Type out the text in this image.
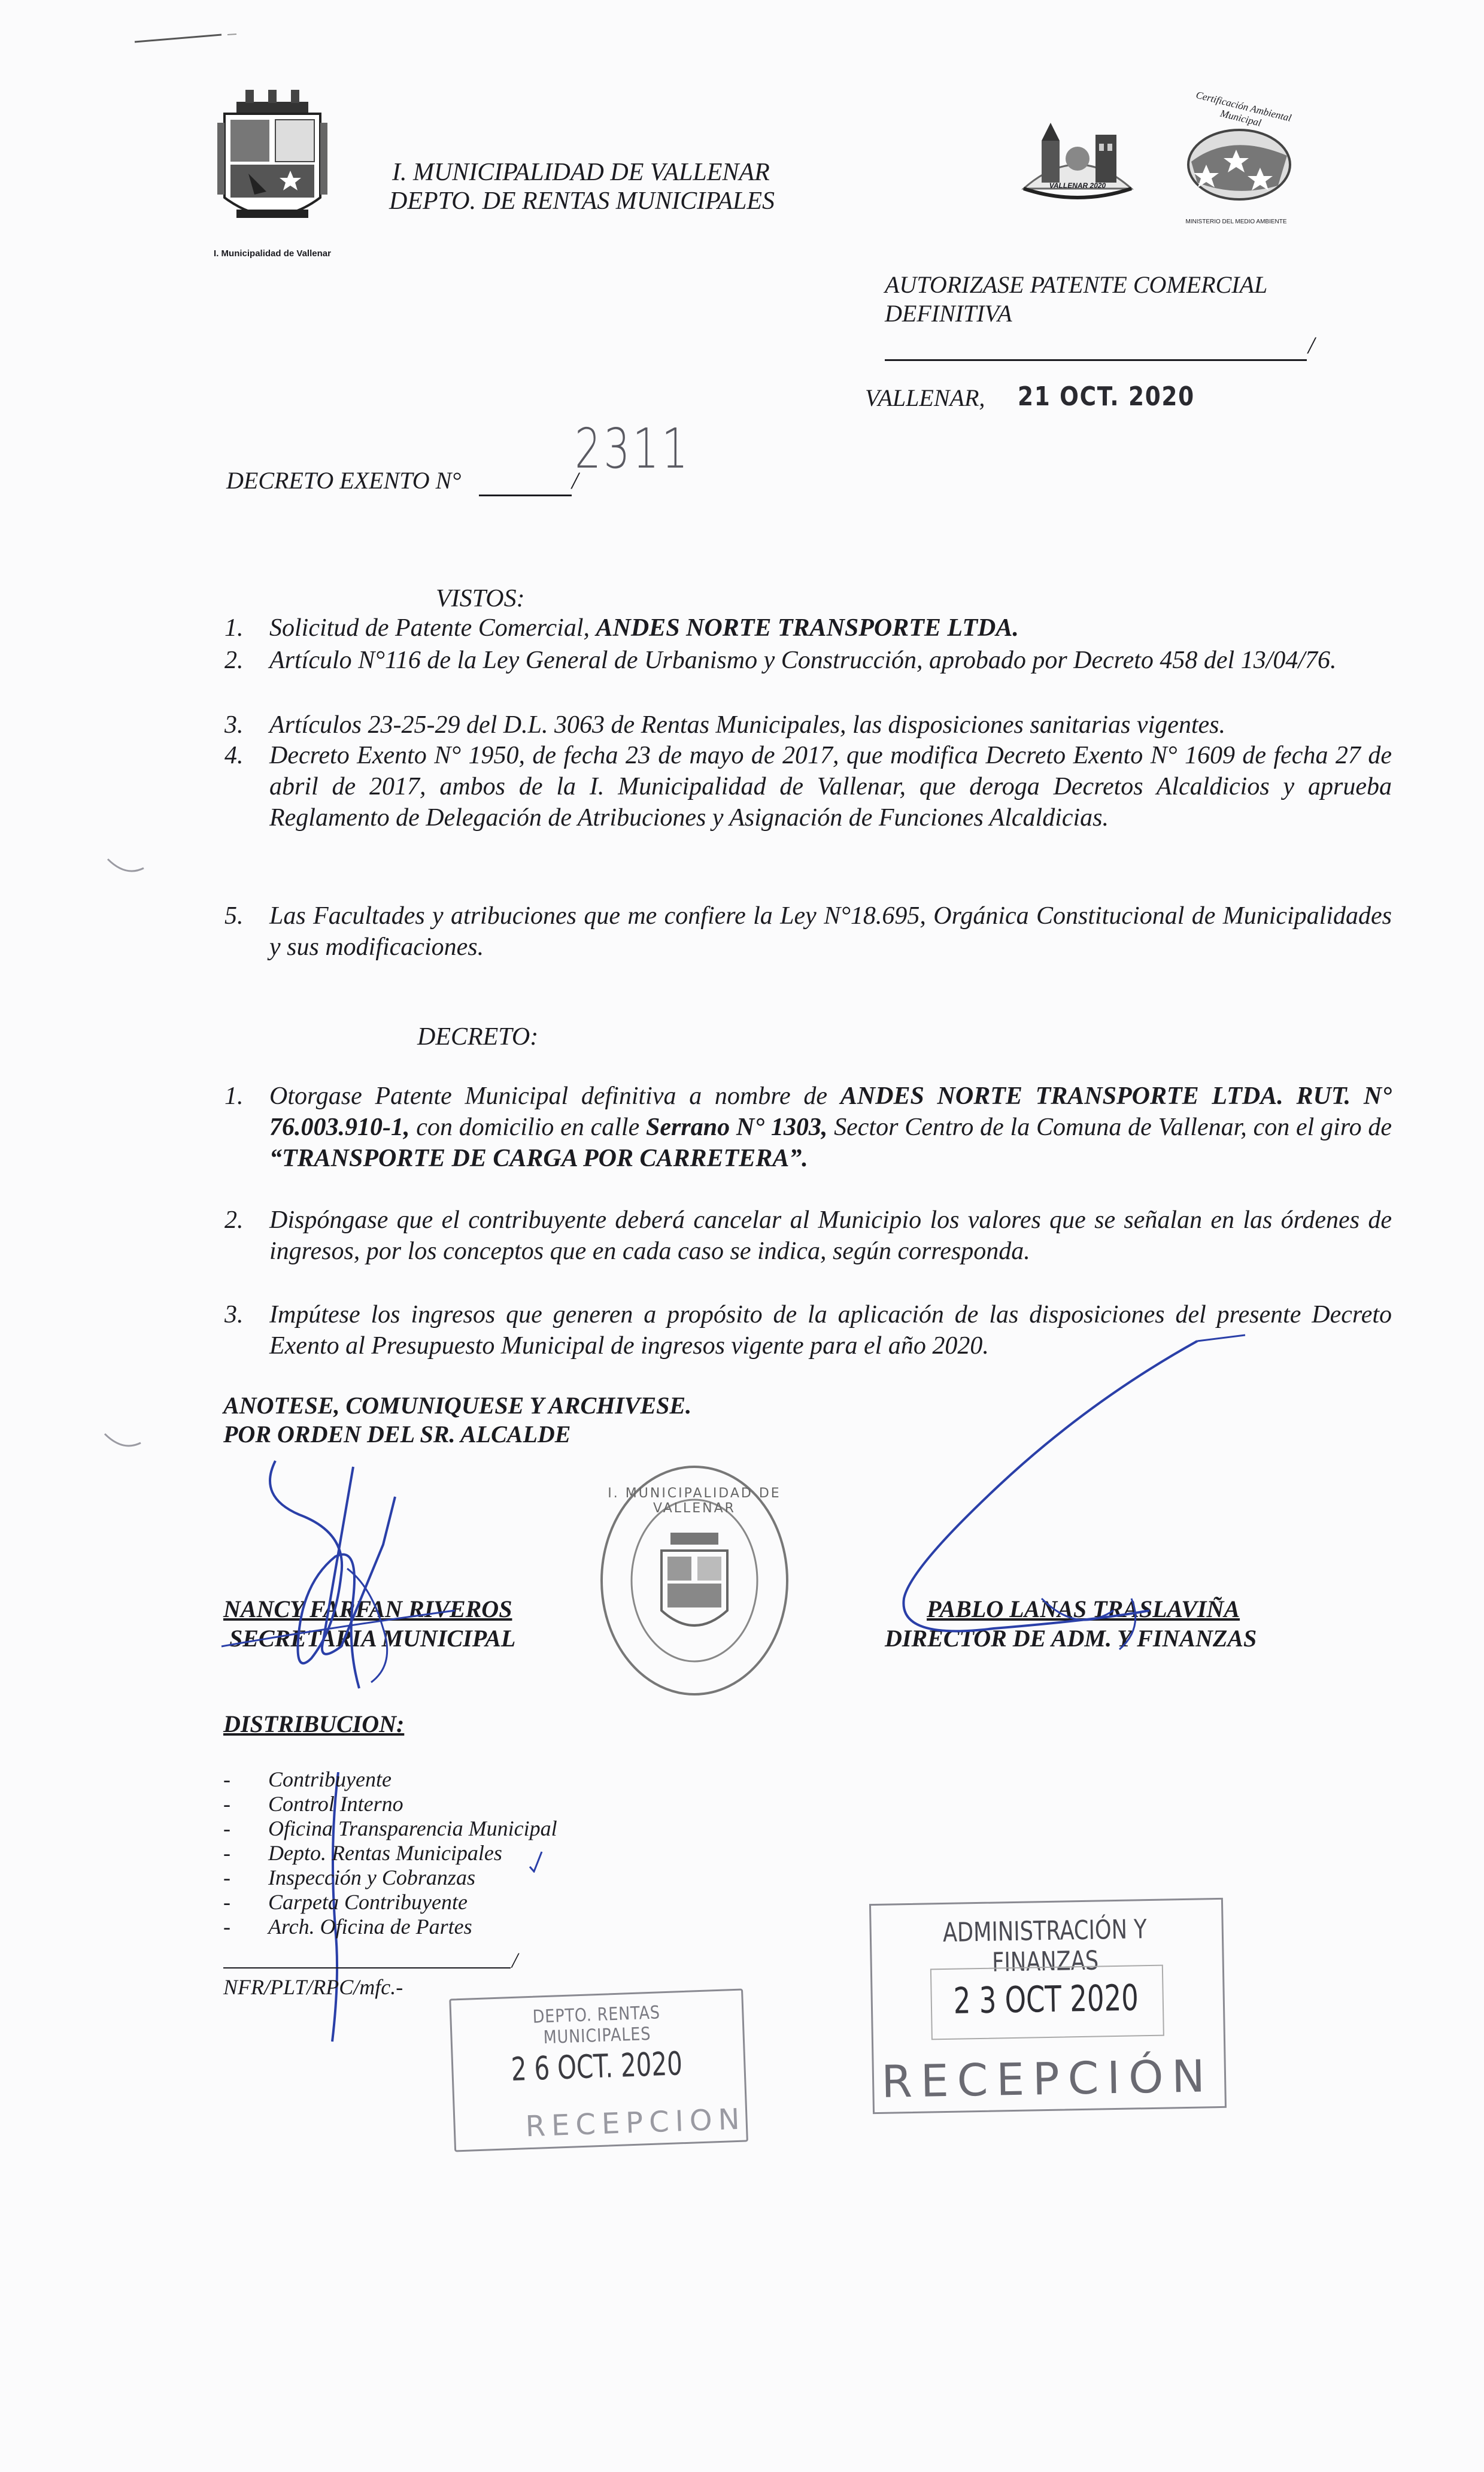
I. Municipalidad de Vallenar
I. MUNICIPALIDAD DE VALLENAR
DEPTO. DE RENTAS MUNICIPALES
VALLENAR 2020
Certificación Ambiental Municipal
MINISTERIO DEL MEDIO AMBIENTE
AUTORIZASE PATENTE COMERCIAL
DEFINITIVA
/
VALLENAR, 21 OCT. 2020
DECRETO EXENTO N°	/
2311
VISTOS:
1. Solicitud de Patente Comercial, ANDES NORTE TRANSPORTE LTDA.
2. Artículo N°116 de la Ley General de Urbanismo y Construcción, aprobado por Decreto 458 del 13/04/76.
3. Artículos 23-25-29 del D.L. 3063 de Rentas Municipales, las disposiciones sanitarias vigentes.
4. Decreto Exento N° 1950, de fecha 23 de mayo de 2017, que modifica Decreto Exento N° 1609 de fecha 27 de abril de 2017, ambos de la I. Municipalidad de Vallenar, que deroga Decretos Alcaldicios y aprueba Reglamento de Delegación de Atribuciones y Asignación de Funciones Alcaldicias.
5. Las Facultades y atribuciones que me confiere la Ley N°18.695, Orgánica Constitucional de Municipalidades y sus modificaciones.
DECRETO:
1. Otorgase Patente Municipal definitiva a nombre de ANDES NORTE TRANSPORTE LTDA. RUT. N° 76.003.910-1, con domicilio en calle Serrano N° 1303, Sector Centro de la Comuna de Vallenar, con el giro de “TRANSPORTE DE CARGA POR CARRETERA”.
2. Dispóngase que el contribuyente deberá cancelar al Municipio los valores que se señalan en las órdenes de ingresos, por los conceptos que en cada caso se indica, según corresponda.
3. Impútese los ingresos que generen a propósito de la aplicación de las disposiciones del presente Decreto Exento al Presupuesto Municipal de ingresos vigente para el año 2020.
ANOTESE, COMUNIQUESE Y ARCHIVESE.
POR ORDEN DEL SR. ALCALDE
NANCY FARFAN RIVEROS
SECRETARIA MUNICIPAL
PABLO LANAS TRASLAVIÑA
DIRECTOR DE ADM. Y FINANZAS
I. MUNICIPALIDAD DE VALLENAR
DISTRIBUCION:
- Contribuyente
- Control Interno
- Oficina Transparencia Municipal
- Depto. Rentas Municipales
- Inspección y Cobranzas
- Carpeta Contribuyente
- Arch. Oficina de Partes
/
NFR/PLT/RPC/mfc.-
DEPTO. RENTAS MUNICIPALES
2 6 OCT. 2020
RECEPCION
ADMINISTRACIÓN Y FINANZAS
2 3 OCT 2020
RECEPCIÓN
